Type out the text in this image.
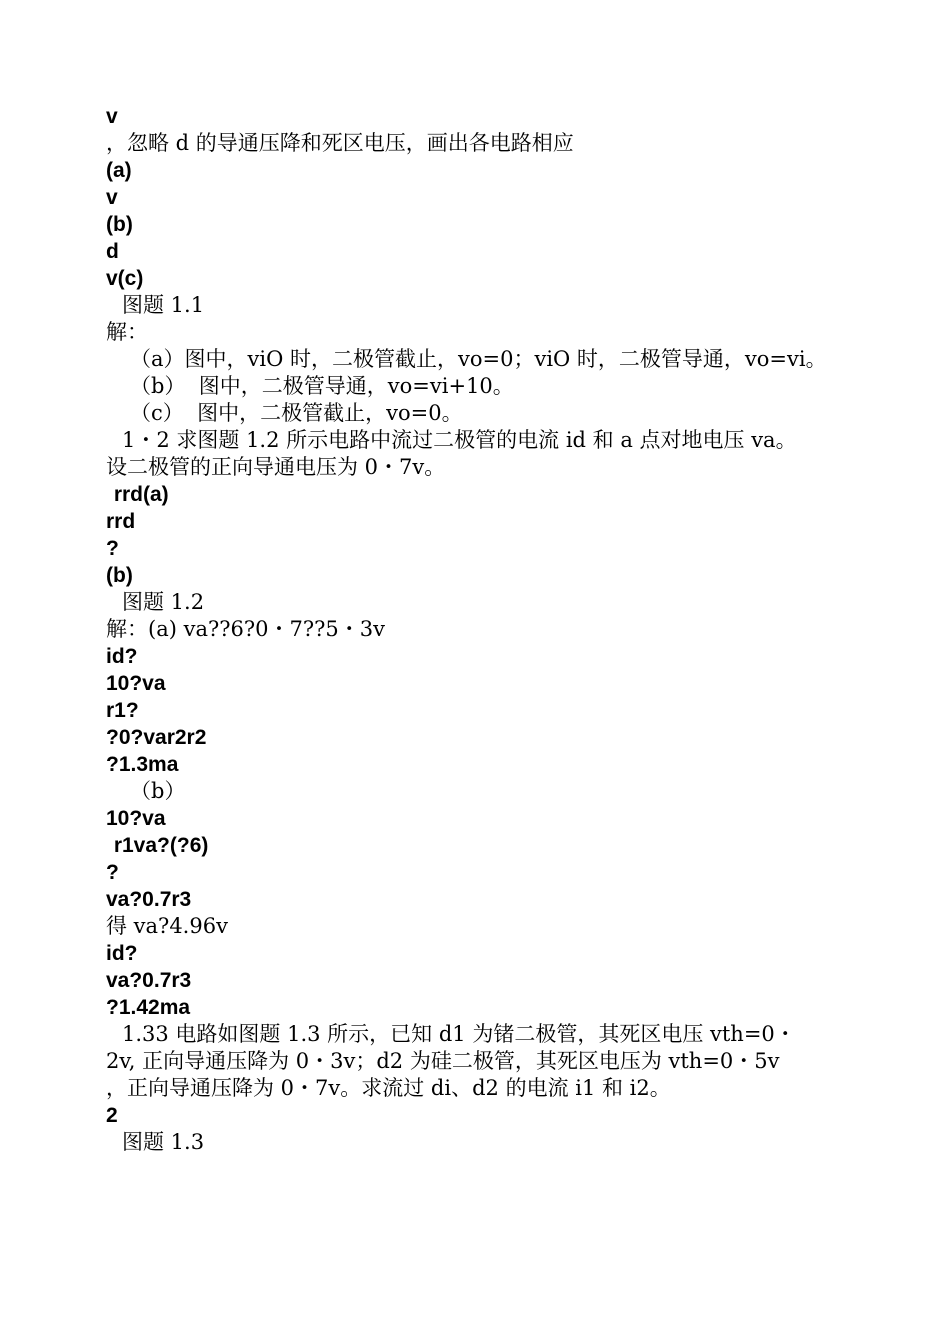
v
，忽略 d 的导通压降和死区电压，画出各电路相应
(a)
v
(b)
d
v(c)
图题 1.1
解：
（a）图中，viO 时，二极管截止，vo=0；viO 时，二极管导通，vo=vi。
（b）  图中，二极管导通，vo=vi+10。
（c）  图中，二极管截止，vo=0。
1・2 求图题 1.2 所示电路中流过二极管的电流 id 和 a 点对地电压 va。
设二极管的正向导通电压为 0・7v。
rrd(a)
rrd
?
(b)
图题 1.2
解：(a) va??6?0・7??5・3v
id?
10?va
r1?
?0?var2r2
?1.3ma
（b）
10?va
r1va?(?6)
?
va?0.7r3
得 va?4.96v
id?
va?0.7r3
?1.42ma
1.33 电路如图题 1.3 所示，已知 d1 为锗二极管，其死区电压 vth=0・
2v, 正向导通压降为 0・3v；d2 为硅二极管，其死区电压为 vth=0・5v
，正向导通压降为 0・7v。求流过 di、d2 的电流 i1 和 i2。
2
图题 1.3
